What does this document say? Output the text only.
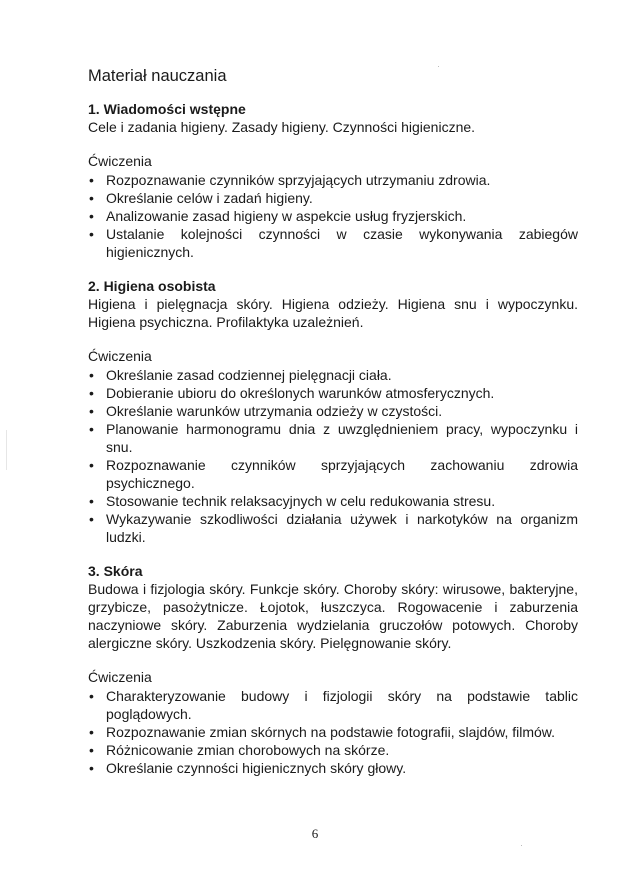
Materiał nauczania

1. Wiadomości wstępne

Cele i zadania higieny. Zasady higieny. Czynności higieniczne.

Ćwiczenia

• Rozpoznawanie czynników sprzyjających utrzymaniu zdrowia.
• Określanie celów i zadań higieny.
• Analizowanie zasad higieny w aspekcie usług fryzjerskich.
• Ustalanie kolejności czynności w czasie wykonywania zabiegów higienicznych.

2. Higiena osobista

Higiena i pielęgnacja skóry. Higiena odzieży. Higiena snu i wypoczynku. Higiena psychiczna. Profilaktyka uzależnień.

Ćwiczenia

• Określanie zasad codziennej pielęgnacji ciała.
• Dobieranie ubioru do określonych warunków atmosferycznych.
• Określanie warunków utrzymania odzieży w czystości.
• Planowanie harmonogramu dnia z uwzględnieniem pracy, wypoczynku i snu.
• Rozpoznawanie czynników sprzyjających zachowaniu zdrowia psychicznego.
• Stosowanie technik relaksacyjnych w celu redukowania stresu.
• Wykazywanie szkodliwości działania używek i narkotyków na organizm ludzki.

3. Skóra

Budowa i fizjologia skóry. Funkcje skóry. Choroby skóry: wirusowe, bakteryjne, grzybicze, pasożytnicze. Łojotok, łuszczyca. Rogowacenie i zaburzenia naczyniowe skóry. Zaburzenia wydzielania gruczołów potowych. Choroby alergiczne skóry. Uszkodzenia skóry. Pielęgnowanie skóry.

Ćwiczenia

• Charakteryzowanie budowy i fizjologii skóry na podstawie tablic poglądowych.
• Rozpoznawanie zmian skórnych na podstawie fotografii, slajdów, filmów.
• Różnicowanie zmian chorobowych na skórze.
• Określanie czynności higienicznych skóry głowy.
6
